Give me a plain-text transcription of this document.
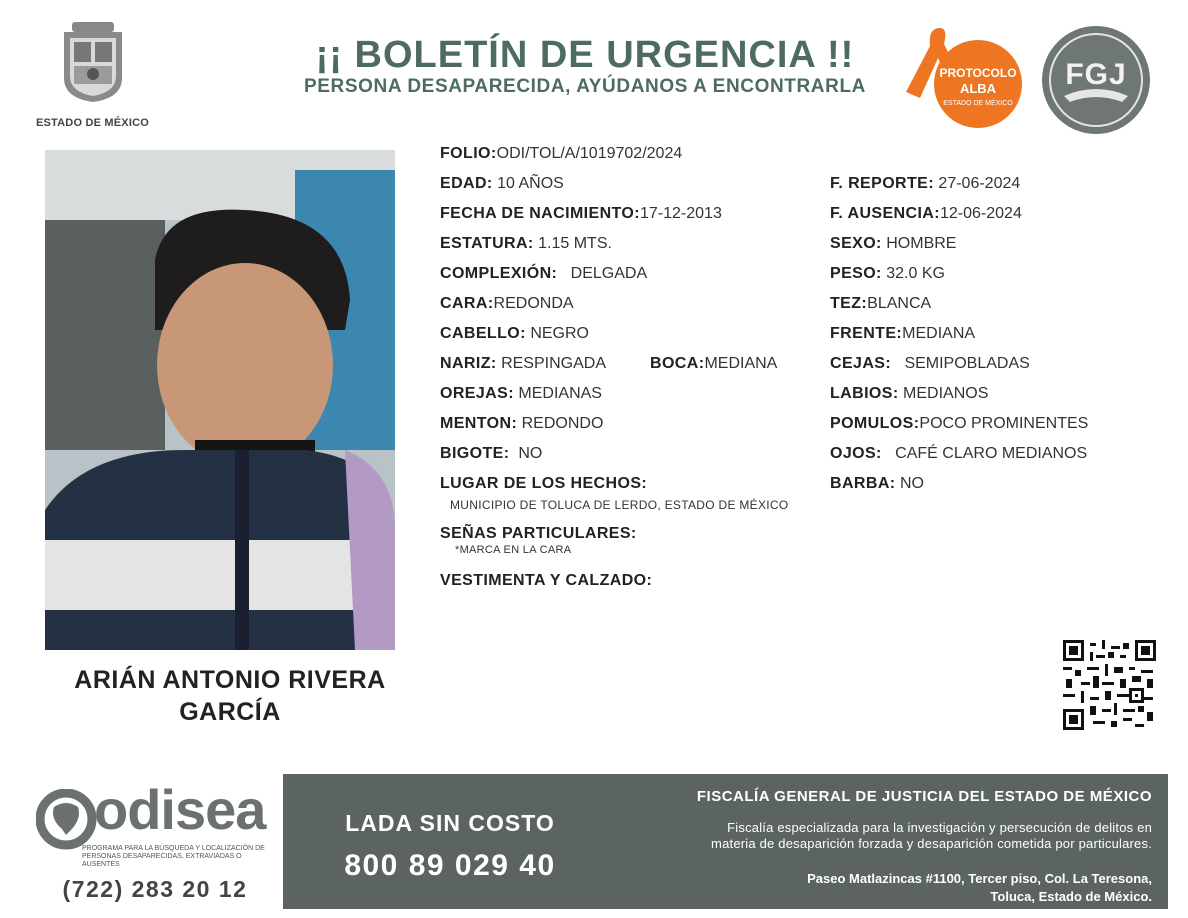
ESTADO DE MÉXICO
¡¡ BOLETÍN DE URGENCIA !!
PERSONA DESAPARECIDA, AYÚDANOS A ENCONTRARLA
PROTOCOLO
ALBA
ESTADO DE MÉXICO
FGJ
ARIÁN ANTONIO RIVERA GARCÍA
FOLIO:ODI/TOL/A/1019702/2024
EDAD: 10 AÑOS
FECHA DE NACIMIENTO:17-12-2013
ESTATURA: 1.15 MTS.
COMPLEXIÓN: DELGADA
CARA:REDONDA
CABELLO: NEGRO
NARIZ: RESPINGADA	BOCA:MEDIANA
OREJAS: MEDIANAS
MENTON: REDONDO
BIGOTE: NO
LUGAR DE LOS HECHOS:
MUNICIPIO DE TOLUCA DE LERDO, ESTADO DE MÉXICO
SEÑAS PARTICULARES:
*MARCA EN LA CARA
VESTIMENTA Y CALZADO:
F. REPORTE: 27-06-2024
F. AUSENCIA:12-06-2024
SEXO: HOMBRE
PESO: 32.0 KG
TEZ:BLANCA
FRENTE:MEDIANA
CEJAS: SEMIPOBLADAS
LABIOS: MEDIANOS
POMULOS:POCO PROMINENTES
OJOS: CAFÉ CLARO MEDIANOS
BARBA: NO
odisea
PROGRAMA PARA LA BÚSQUEDA Y LOCALIZACIÓN DE PERSONAS DESAPARECIDAS, EXTRAVIADAS O AUSENTES
(722) 283 20 12
LADA SIN COSTO
800 89 029 40
FISCALÍA GENERAL DE JUSTICIA DEL ESTADO DE MÉXICO
Fiscalía especializada para la investigación y persecución de delitos en
materia de desaparición forzada y desaparición cometida por particulares.
Paseo Matlazincas #1100, Tercer piso, Col. La Teresona,
Toluca, Estado de México.
